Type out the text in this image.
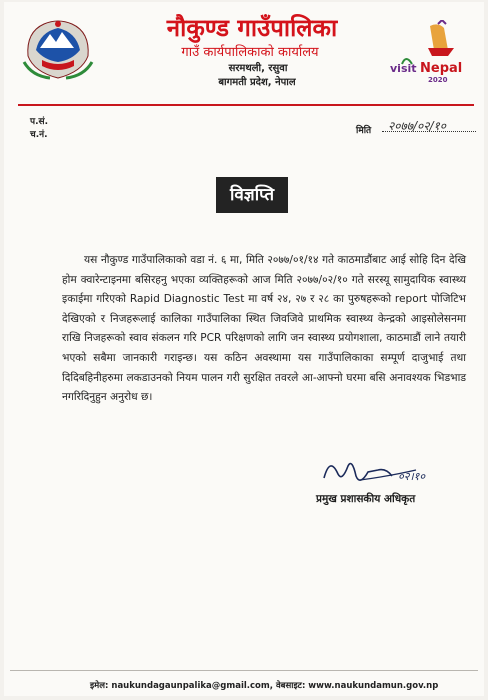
नौकुण्ड गाउँपालिका
गाउँ कार्यपालिकाको कार्यालय
सरमथली, रसुवा
बागमती प्रदेश, नेपाल
visit Nepal
2020
प.सं.
च.नं.	मिति २०७७/०२/१०
विज्ञप्ति

यस नौकुण्ड गाउँपालिकाको वडा नं. ६ मा, मिति २०७७/०१/१४ गते काठमाडौंबाट आई सोहि दिन देखि होम क्वारेन्टाइनमा बसिरहनु भएका व्यक्तिहरूको आज मिति २०७७/०२/१० गते सरस्यू सामुदायिक स्वास्थ्य इकाईमा गरिएको Rapid Diagnostic Test मा वर्ष २४, २७ र २८ का पुरुषहरूको report पोजिटिभ देखिएको र निजहरूलाई कालिका गाउँपालिका स्थित जिवजिवे प्राथमिक स्वास्थ्य केन्द्रको आइसोलेसनमा राखि निजहरूको स्वाव संकलन गरि PCR परिक्षणको लागि जन स्वास्थ्य प्रयोगशाला, काठमाडौं लाने तयारी भएको सबैमा जानकारी गराइन्छ। यस कठिन अवस्थामा यस गाउँपालिकाका सम्पूर्ण दाजुभाई तथा दिदिबहिनीहरुमा लकडाउनको नियम पालन गरी सुरक्षित तवरले आ-आफ्नो घरमा बसि अनावश्यक भिडभाड नगरिदिनुहुन अनुरोध छ।

०२।१०
प्रमुख प्रशासकीय अधिकृत
इमेल: naukundagaunpalika@gmail.com, वेबसाइट: www.naukundamun.gov.np
